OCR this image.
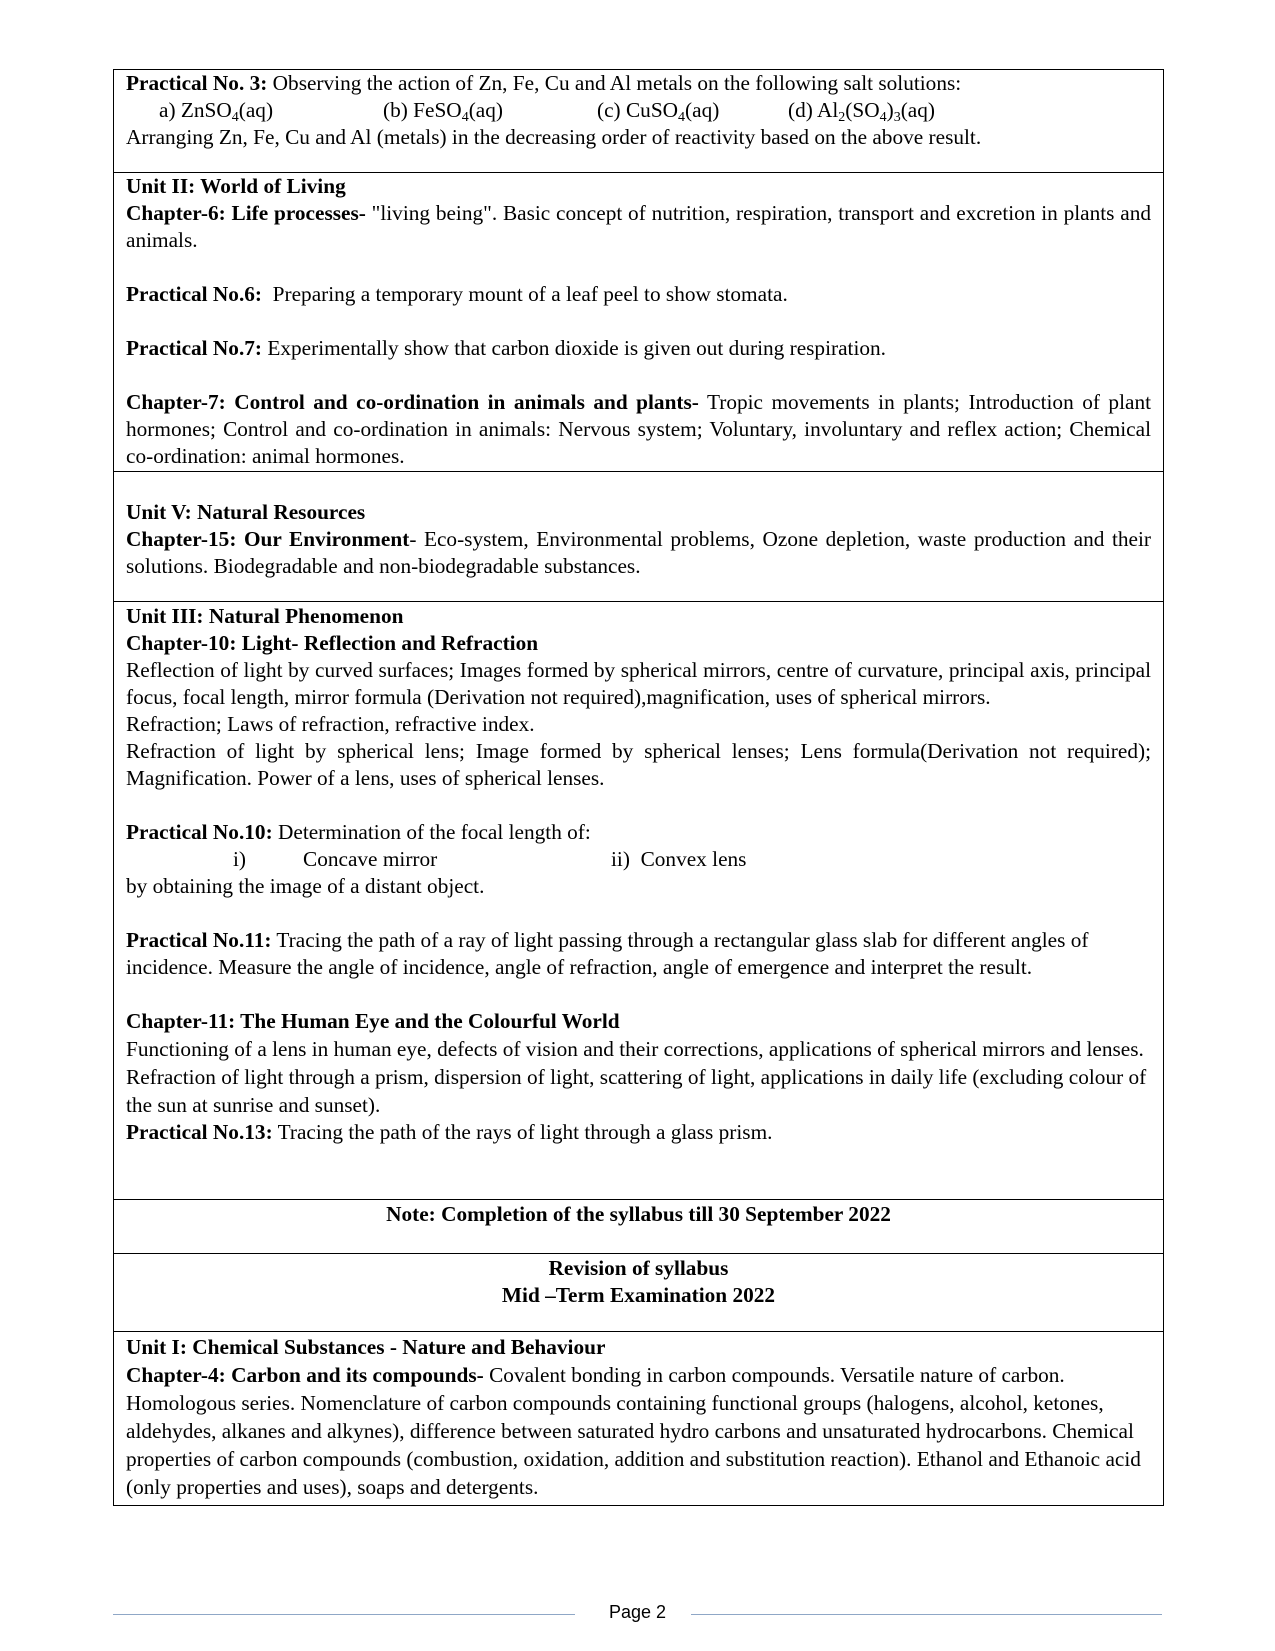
Practical No. 3: Observing the action of Zn, Fe, Cu and Al metals on the following salt solutions:
a) ZnSO$_4$(aq)	(b) FeSO$_4$(aq)	(c) CuSO$_4$(aq)	(d) $Al_2(SO_4)_3(aq)$
Arranging Zn, Fe, Cu and Al (metals) in the decreasing order of reactivity based on the above result.
Unit II: World of Living
Chapter-6: Life processes- "living being". Basic concept of nutrition, respiration, transport and excretion in plants and animals.
Practical No.6:  Preparing a temporary mount of a leaf peel to show stomata.
Practical No.7: Experimentally show that carbon dioxide is given out during respiration.
Chapter-7: Control and co-ordination in animals and plants- Tropic movements in plants; Introduction of plant hormones; Control and co-ordination in animals: Nervous system; Voluntary, involuntary and reflex action; Chemical co-ordination: animal hormones.
Unit V: Natural Resources
Chapter-15: Our Environment- Eco-system, Environmental problems, Ozone depletion, waste production and their solutions. Biodegradable and non-biodegradable substances.
Unit III: Natural Phenomenon
Chapter-10: Light- Reflection and Refraction
Reflection of light by curved surfaces; Images formed by spherical mirrors, centre of curvature, principal axis, principal focus, focal length, mirror formula (Derivation not required),magnification, uses of spherical mirrors.
Refraction; Laws of refraction, refractive index.
Refraction of light by spherical lens; Image formed by spherical lenses; Lens formula(Derivation not required); Magnification. Power of a lens, uses of spherical lenses.
Practical No.10: Determination of the focal length of:
i)	Concave mirror	ii)  Convex lens
by obtaining the image of a distant object.
Practical No.11: Tracing the path of a ray of light passing through a rectangular glass slab for different angles of incidence. Measure the angle of incidence, angle of refraction, angle of emergence and interpret the result.
Chapter-11: The Human Eye and the Colourful World
Functioning of a lens in human eye, defects of vision and their corrections, applications of spherical mirrors and lenses. Refraction of light through a prism, dispersion of light, scattering of light, applications in daily life (excluding colour of the sun at sunrise and sunset).
Practical No.13: Tracing the path of the rays of light through a glass prism.
Note: Completion of the syllabus till 30 September 2022
Revision of syllabus
Mid –Term Examination 2022
Unit I: Chemical Substances - Nature and Behaviour
Chapter-4: Carbon and its compounds- Covalent bonding in carbon compounds. Versatile nature of carbon. Homologous series. Nomenclature of carbon compounds containing functional groups (halogens, alcohol, ketones, aldehydes, alkanes and alkynes), difference between saturated hydro carbons and unsaturated hydrocarbons. Chemical properties of carbon compounds (combustion, oxidation, addition and substitution reaction). Ethanol and Ethanoic acid (only properties and uses), soaps and detergents.
Page 2
